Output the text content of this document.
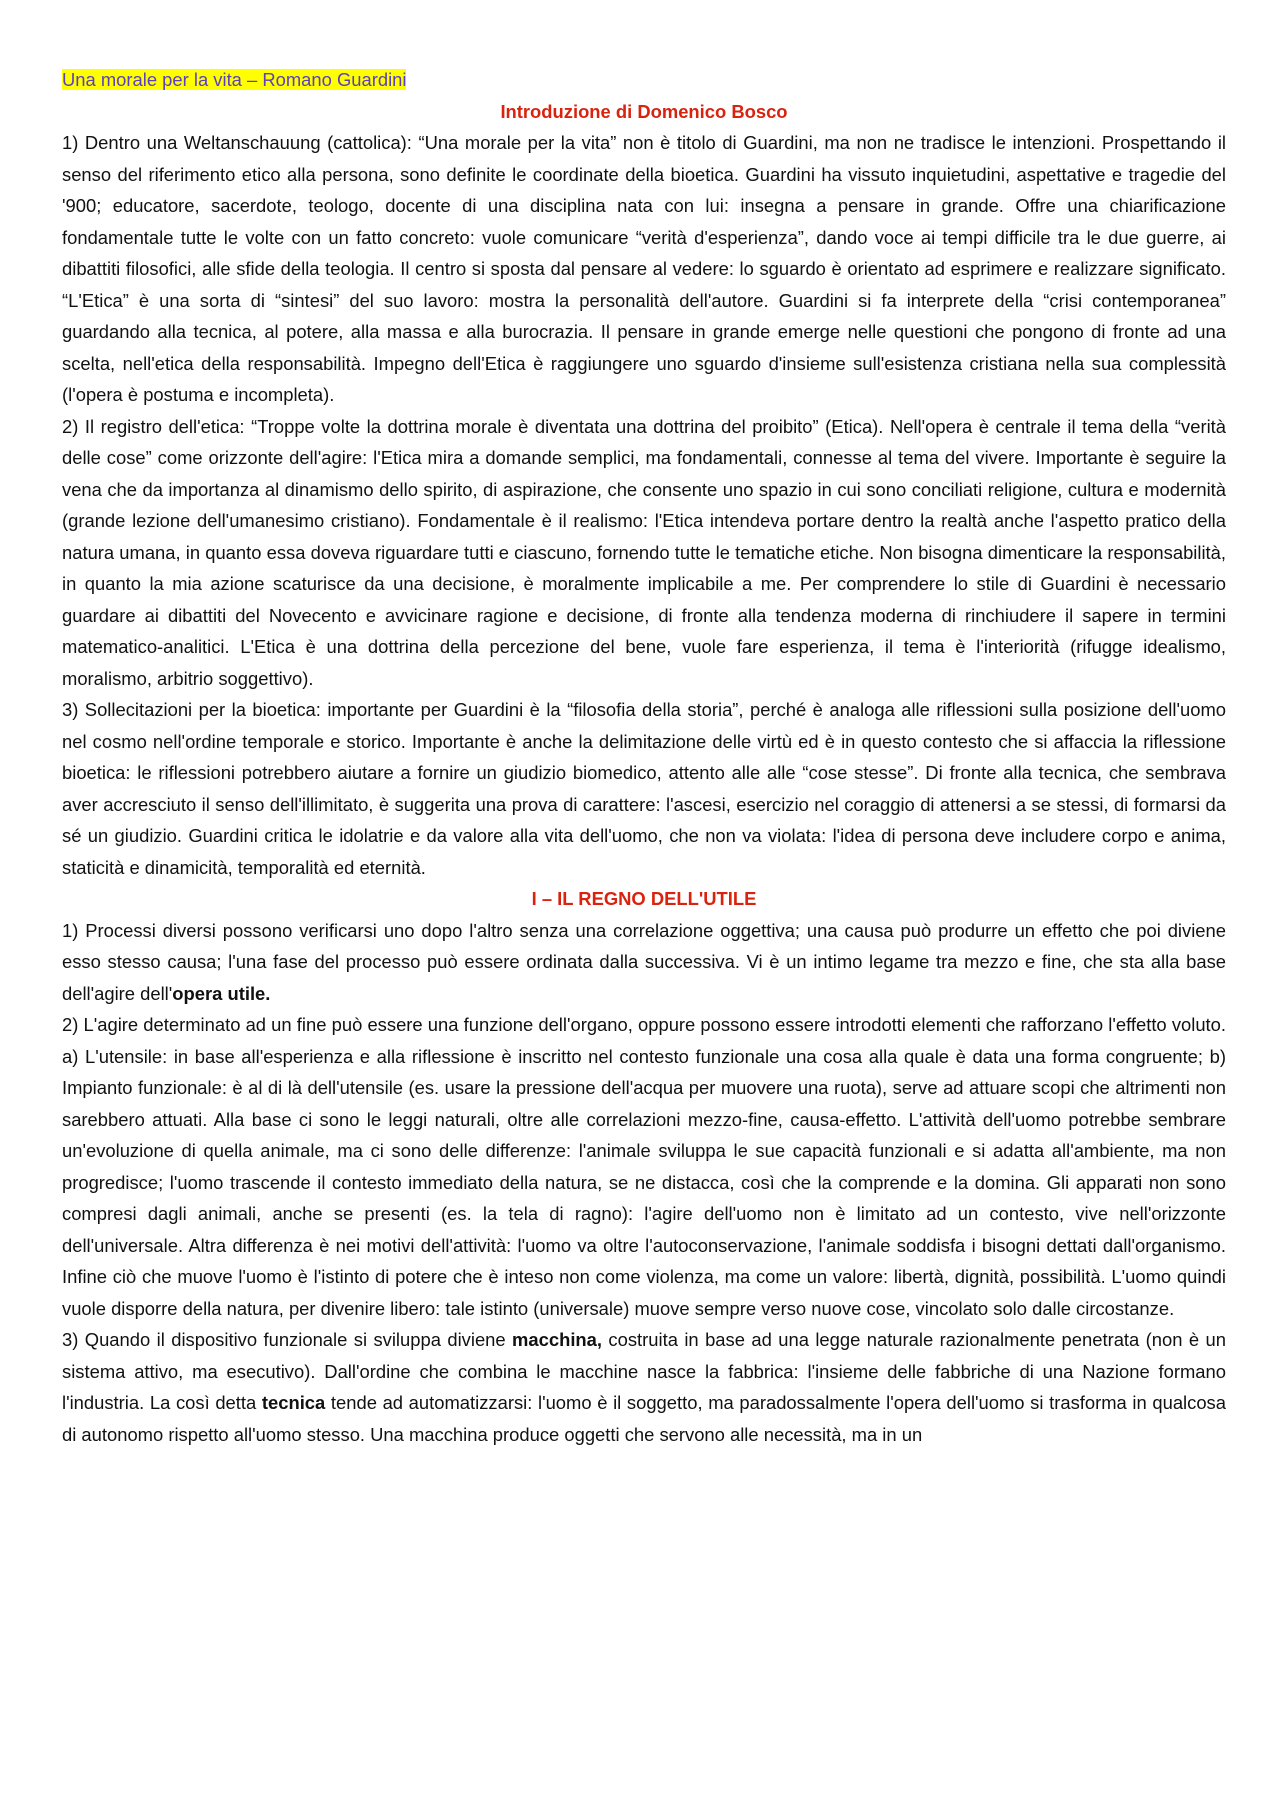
Una morale per la vita – Romano Guardini
Introduzione di Domenico Bosco

1) Dentro una Weltanschauung (cattolica): “Una morale per la vita” non è titolo di Guardini, ma non ne tradisce le intenzioni. Prospettando il senso del riferimento etico alla persona, sono definite le coordinate della bioetica. Guardini ha vissuto inquietudini, aspettative e tragedie del '900; educatore, sacerdote, teologo, docente di una disciplina nata con lui: insegna a pensare in grande. Offre una chiarificazione fondamentale tutte le volte con un fatto concreto: vuole comunicare “verità d'esperienza”, dando voce ai tempi difficile tra le due guerre, ai dibattiti filosofici, alle sfide della teologia. Il centro si sposta dal pensare al vedere: lo sguardo è orientato ad esprimere e realizzare significato. “L'Etica” è una sorta di “sintesi” del suo lavoro: mostra la personalità dell'autore. Guardini si fa interprete della “crisi contemporanea” guardando alla tecnica, al potere, alla massa e alla burocrazia. Il pensare in grande emerge nelle questioni che pongono di fronte ad una scelta, nell'etica della responsabilità. Impegno dell'Etica è raggiungere uno sguardo d'insieme sull'esistenza cristiana nella sua complessità (l'opera è postuma e incompleta).

2) Il registro dell'etica: “Troppe volte la dottrina morale è diventata una dottrina del proibito” (Etica). Nell'opera è centrale il tema della “verità delle cose” come orizzonte dell'agire: l'Etica mira a domande semplici, ma fondamentali, connesse al tema del vivere. Importante è seguire la vena che da importanza al dinamismo dello spirito, di aspirazione, che consente uno spazio in cui sono conciliati religione, cultura e modernità (grande lezione dell'umanesimo cristiano). Fondamentale è il realismo: l'Etica intendeva portare dentro la realtà anche l'aspetto pratico della natura umana, in quanto essa doveva riguardare tutti e ciascuno, fornendo tutte le tematiche etiche. Non bisogna dimenticare la responsabilità, in quanto la mia azione scaturisce da una decisione, è moralmente implicabile a me. Per comprendere lo stile di Guardini è necessario guardare ai dibattiti del Novecento e avvicinare ragione e decisione, di fronte alla tendenza moderna di rinchiudere il sapere in termini matematico-analitici. L'Etica è una dottrina della percezione del bene, vuole fare esperienza, il tema è l'interiorità (rifugge idealismo, moralismo, arbitrio soggettivo).

3) Sollecitazioni per la bioetica: importante per Guardini è la “filosofia della storia”, perché è analoga alle riflessioni sulla posizione dell'uomo nel cosmo nell'ordine temporale e storico. Importante è anche la delimitazione delle virtù ed è in questo contesto che si affaccia la riflessione bioetica: le riflessioni potrebbero aiutare a fornire un giudizio biomedico, attento alle alle “cose stesse”. Di fronte alla tecnica, che sembrava aver accresciuto il senso dell'illimitato, è suggerita una prova di carattere: l'ascesi, esercizio nel coraggio di attenersi a se stessi, di formarsi da sé un giudizio. Guardini critica le idolatrie e da valore alla vita dell'uomo, che non va violata: l'idea di persona deve includere corpo e anima, staticità e dinamicità, temporalità ed eternità.

I – IL REGNO DELL'UTILE

1) Processi diversi possono verificarsi uno dopo l'altro senza una correlazione oggettiva; una causa può produrre un effetto che poi diviene esso stesso causa; l'una fase del processo può essere ordinata dalla successiva. Vi è un intimo legame tra mezzo e fine, che sta alla base dell'agire dell'opera utile.

2) L'agire determinato ad un fine può essere una funzione dell'organo, oppure possono essere introdotti elementi che rafforzano l'effetto voluto. a) L'utensile: in base all'esperienza e alla riflessione è inscritto nel contesto funzionale una cosa alla quale è data una forma congruente; b) Impianto funzionale: è al di là dell'utensile (es. usare la pressione dell'acqua per muovere una ruota), serve ad attuare scopi che altrimenti non sarebbero attuati. Alla base ci sono le leggi naturali, oltre alle correlazioni mezzo-fine, causa-effetto. L'attività dell'uomo potrebbe sembrare un'evoluzione di quella animale, ma ci sono delle differenze: l'animale sviluppa le sue capacità funzionali e si adatta all'ambiente, ma non progredisce; l'uomo trascende il contesto immediato della natura, se ne distacca, così che la comprende e la domina. Gli apparati non sono compresi dagli animali, anche se presenti (es. la tela di ragno): l'agire dell'uomo non è limitato ad un contesto, vive nell'orizzonte dell'universale. Altra differenza è nei motivi dell'attività: l'uomo va oltre l'autoconservazione, l'animale soddisfa i bisogni dettati dall'organismo. Infine ciò che muove l'uomo è l'istinto di potere che è inteso non come violenza, ma come un valore: libertà, dignità, possibilità. L'uomo quindi vuole disporre della natura, per divenire libero: tale istinto (universale) muove sempre verso nuove cose, vincolato solo dalle circostanze.

3) Quando il dispositivo funzionale si sviluppa diviene macchina, costruita in base ad una legge naturale razionalmente penetrata (non è un sistema attivo, ma esecutivo). Dall'ordine che combina le macchine nasce la fabbrica: l'insieme delle fabbriche di una Nazione formano l'industria. La così detta tecnica tende ad automatizzarsi: l'uomo è il soggetto, ma paradossalmente l'opera dell'uomo si trasforma in qualcosa di autonomo rispetto all'uomo stesso. Una macchina produce oggetti che servono alle necessità, ma in un
